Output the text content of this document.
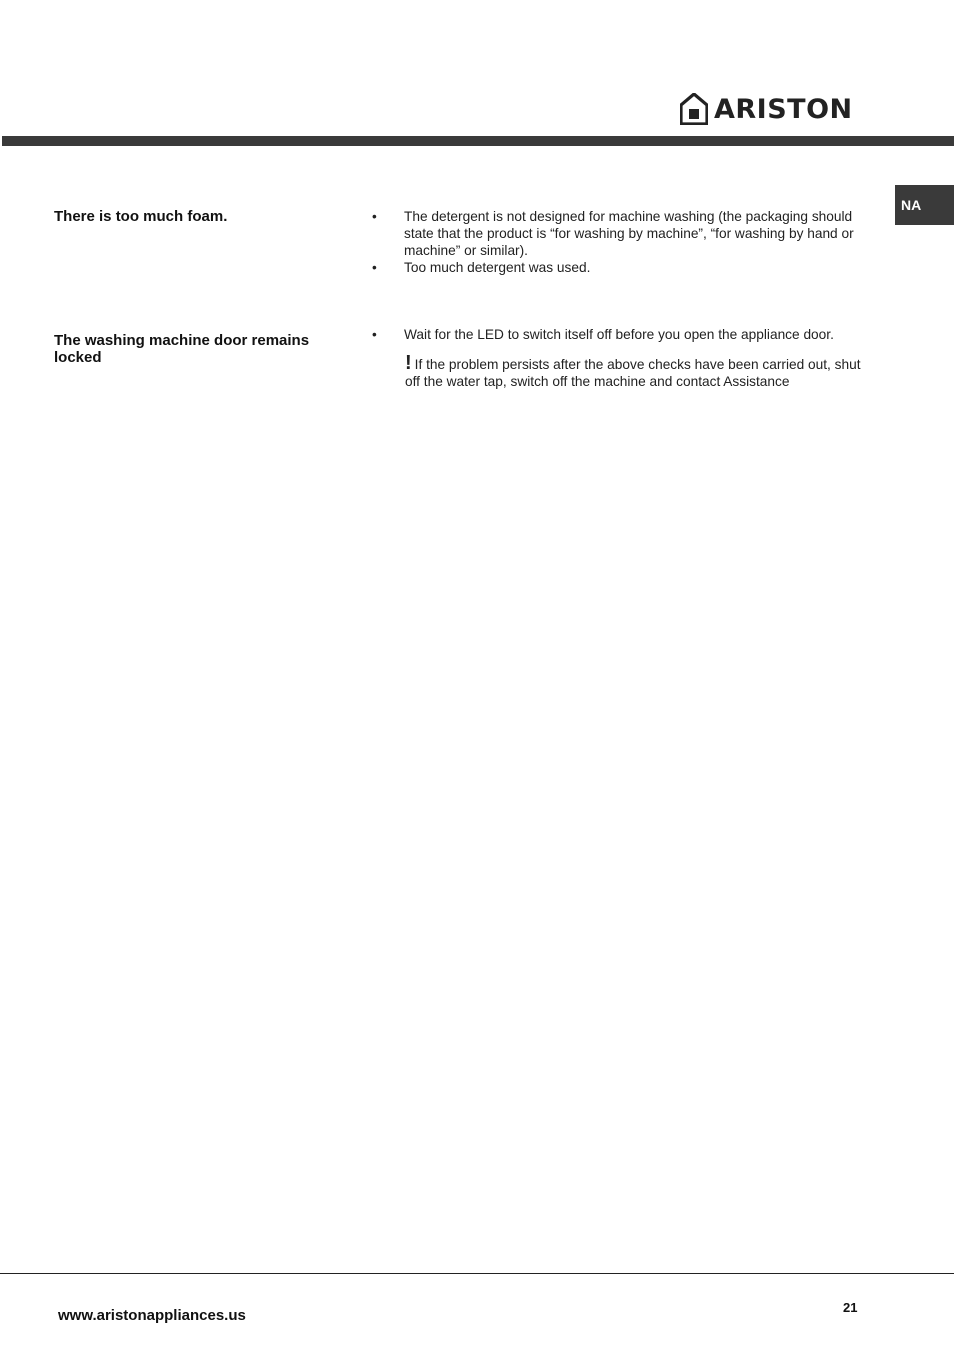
ARISTON
NA
There is too much foam.	• The detergent is not designed for machine washing (the packaging should state that the product is “for washing by machine”, “for washing by hand or machine” or similar).
• Too much detergent was used.
The washing machine door remains locked
• Wait for the LED to switch itself off before you open the appliance door.
! If the problem persists after the above checks have been carried out, shut off the water tap, switch off the machine and contact Assistance
www.aristonappliances.us	21
